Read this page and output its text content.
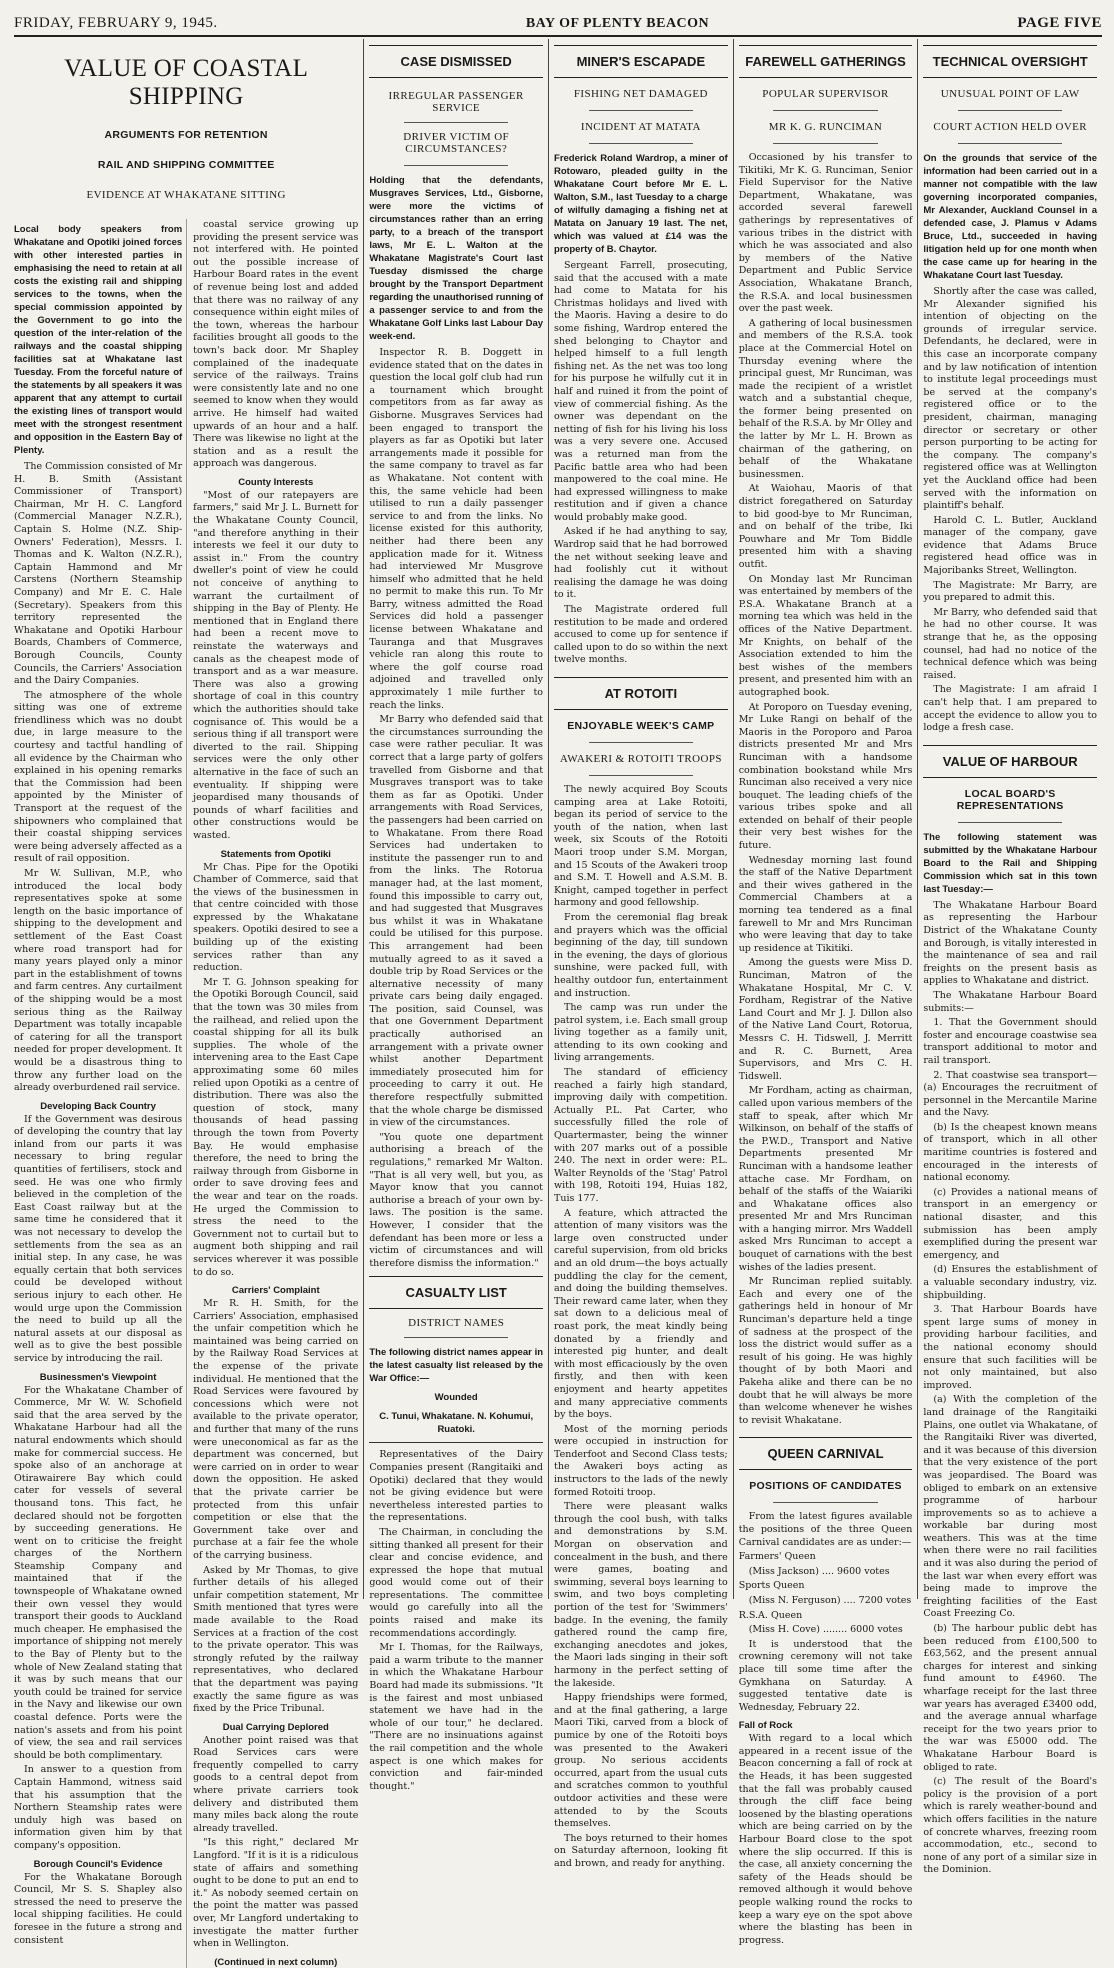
FRIDAY, FEBRUARY 9, 1945.	BAY OF PLENTY BEACON	PAGE FIVE
VALUE OF COASTAL SHIPPING
ARGUMENTS FOR RETENTION
RAIL AND SHIPPING COMMITTEE
EVIDENCE AT WHAKATANE SITTING
Local body speakers from Whakatane and Opotiki joined forces with other interested parties in emphasising the need to retain at all costs the existing rail and shipping services to the towns, when the special commission appointed by the Government to go into the question of the inter-relation of the railways and the coastal shipping facilities sat at Whakatane last Tuesday. From the forceful nature of the statements by all speakers it was apparent that any attempt to curtail the existing lines of transport would meet with the strongest resentment and opposition in the Eastern Bay of Plenty.

The Commission consisted of Mr H. B. Smith (Assistant Commissioner of Transport) Chairman, Mr H. C. Langford (Commercial Manager N.Z.R.), Captain S. Holme (N.Z. Ship-Owners' Federation), Messrs. I. Thomas and K. Walton (N.Z.R.), Captain Hammond and Mr Carstens (Northern Steamship Company) and Mr E. C. Hale (Secretary). Speakers from this territory represented the Whakatane and Opotiki Harbour Boards, Chambers of Commerce, Borough Councils, County Councils, the Carriers' Association and the Dairy Companies.

The atmosphere of the whole sitting was one of extreme friendliness which was no doubt due, in large measure to the courtesy and tactful handling of all evidence by the Chairman who explained in his opening remarks that the Commission had been appointed by the Minister of Transport at the request of the shipowners who complained that their coastal shipping services were being adversely affected as a result of rail opposition.

Mr W. Sullivan, M.P., who introduced the local body representatives spoke at some length on the basic importance of shipping to the development and settlement of the East Coast where road transport had for many years played only a minor part in the establishment of towns and farm centres. Any curtailment of the shipping would be a most serious thing as the Railway Department was totally incapable of catering for all the transport needed for proper development. It would be a disastrous thing to throw any further load on the already overburdened rail service.

Developing Back Country

If the Government was desirous of developing the country that lay inland from our parts it was necessary to bring regular quantities of fertilisers, stock and seed. He was one who firmly believed in the completion of the East Coast railway but at the same time he considered that it was not necessary to develop the settlements from the sea as an initial step. In any case, he was equally certain that both services could be developed without serious injury to each other. He would urge upon the Commission the need to build up all the natural assets at our disposal as well as to give the best possible service by introducing the rail.

Businessmen's Viewpoint

For the Whakatane Chamber of Commerce, Mr W. W. Schofield said that the area served by the Whakatane Harbour had all the natural endowments which should make for commercial success. He spoke also of an anchorage at Otirawairere Bay which could cater for vessels of several thousand tons. This fact, he declared should not be forgotten by succeeding generations. He went on to criticise the freight charges of the Northern Steamship Company and maintained that if the townspeople of Whakatane owned their own vessel they would transport their goods to Auckland much cheaper. He emphasised the importance of shipping not merely to the Bay of Plenty but to the whole of New Zealand stating that it was by such means that our youth could be trained for service in the Navy and likewise our own coastal defence. Ports were the nation's assets and from his point of view, the sea and rail services should be both complimentary.

In answer to a question from Captain Hammond, witness said that his assumption that the Northern Steamship rates were unduly high was based on information given him by that company's opposition.

Borough Council's Evidence

For the Whakatane Borough Council, Mr S. S. Shapley also stressed the need to preserve the local shipping facilities. He could foresee in the future a strong and consistent

coastal service growing up providing the present service was not interfered with. He pointed out the possible increase of Harbour Board rates in the event of revenue being lost and added that there was no railway of any consequence within eight miles of the town, whereas the harbour facilities brought all goods to the town's back door. Mr Shapley complained of the inadequate service of the railways. Trains were consistently late and no one seemed to know when they would arrive. He himself had waited upwards of an hour and a half. There was likewise no light at the station and as a result the approach was dangerous.

County Interests

"Most of our ratepayers are farmers," said Mr J. L. Burnett for the Whakatane County Council, "and therefore anything in their interests we feel it our duty to assist in." From the country dweller's point of view he could not conceive of anything to warrant the curtailment of shipping in the Bay of Plenty. He mentioned that in England there had been a recent move to reinstate the waterways and canals as the cheapest mode of transport and as a war measure. There was also a growing shortage of coal in this country which the authorities should take cognisance of. This would be a serious thing if all transport were diverted to the rail. Shipping services were the only other alternative in the face of such an eventuality. If shipping were jeopardised many thousands of pounds of wharf facilities and other constructions would be wasted.

Statements from Opotiki

Mr Chas. Pipe for the Opotiki Chamber of Commerce, said that the views of the businessmen in that centre coincided with those expressed by the Whakatane speakers. Opotiki desired to see a building up of the existing services rather than any reduction.

Mr T. G. Johnson speaking for the Opotiki Borough Council, said that the town was 30 miles from the railhead, and relied upon the coastal shipping for all its bulk supplies. The whole of the intervening area to the East Cape approximating some 60 miles relied upon Opotiki as a centre of distribution. There was also the question of stock, many thousands of head passing through the town from Poverty Bay. He would emphasise therefore, the need to bring the railway through from Gisborne in order to save droving fees and the wear and tear on the roads. He urged the Commission to stress the need to the Government not to curtail but to augment both shipping and rail services wherever it was possible to do so.

Carriers' Complaint

Mr R. H. Smith, for the Carriers' Association, emphasised the unfair competition which he maintained was being carried on by the Railway Road Services at the expense of the private individual. He mentioned that the Road Services were favoured by concessions which were not available to the private operator, and further that many of the runs were uneconomical as far as the department was concerned, but were carried on in order to wear down the opposition. He asked that the private carrier be protected from this unfair competition or else that the Government take over and purchase at a fair fee the whole of the carrying business.

Asked by Mr Thomas, to give further details of his alleged unfair competition statement, Mr Smith mentioned that tyres were made available to the Road Services at a fraction of the cost to the private operator. This was strongly refuted by the railway representatives, who declared that the department was paying exactly the same figure as was fixed by the Price Tribunal.

Dual Carrying Deplored

Another point raised was that Road Services cars were frequently compelled to carry goods to a central depot from where private carriers took delivery and distributed them many miles back along the route already travelled.

"Is this right," declared Mr Langford. "If it is it is a ridiculous state of affairs and something ought to be done to put an end to it." As nobody seemed certain on the point the matter was passed over, Mr Langford undertaking to investigate the matter further when in Wellington.

(Continued in next column)
CASE DISMISSED
IRREGULAR PASSENGER SERVICE
DRIVER VICTIM OF CIRCUMSTANCES?
Holding that the defendants, Musgraves Services, Ltd., Gisborne, were more the victims of circumstances rather than an erring party, to a breach of the transport laws, Mr E. L. Walton at the Whakatane Magistrate's Court last Tuesday dismissed the charge brought by the Transport Department regarding the unauthorised running of a passenger service to and from the Whakatane Golf Links last Labour Day week-end.

Inspector R. B. Doggett in evidence stated that on the dates in question the local golf club had run a tournament which brought competitors from as far away as Gisborne. Musgraves Services had been engaged to transport the players as far as Opotiki but later arrangements made it possible for the same company to travel as far as Whakatane. Not content with this, the same vehicle had been utilised to run a daily passenger service to and from the links. No license existed for this authority, neither had there been any application made for it. Witness had interviewed Mr Musgrove himself who admitted that he held no permit to make this run. To Mr Barry, witness admitted the Road Services did hold a passenger license between Whakatane and Tauranga and that Musgraves vehicle ran along this route to where the golf course road adjoined and travelled only approximately 1 mile further to reach the links.

Mr Barry who defended said that the circumstances surrounding the case were rather peculiar. It was correct that a large party of golfers travelled from Gisborne and that Musgraves transport was to take them as far as Opotiki. Under arrangements with Road Services, the passengers had been carried on to Whakatane. From there Road Services had undertaken to institute the passenger run to and from the links. The Rotorua manager had, at the last moment, found this impossible to carry out, and had suggested that Musgraves bus whilst it was in Whakatane could be utilised for this purpose. This arrangement had been mutually agreed to as it saved a double trip by Road Services or the alternative necessity of many private cars being daily engaged. The position, said Counsel, was that one Government Department practically authorised an arrangement with a private owner whilst another Department immediately prosecuted him for proceeding to carry it out. He therefore respectfully submitted that the whole charge be dismissed in view of the circumstances.

"You quote one department authorising a breach of the regulations," remarked Mr Walton. "That is all very well, but you, as Mayor know that you cannot authorise a breach of your own by-laws. The position is the same. However, I consider that the defendant has been more or less a victim of circumstances and will therefore dismiss the information."

CASUALTY LIST
DISTRICT NAMES
The following district names appear in the latest casualty list released by the War Office:—
Wounded
C. Tunui, Whakatane. N. Kohumui, Ruatoki.

Representatives of the Dairy Companies present (Rangitaiki and Opotiki) declared that they would not be giving evidence but were nevertheless interested parties to the representations.

The Chairman, in concluding the sitting thanked all present for their clear and concise evidence, and expressed the hope that mutual good would come out of their representations. The committee would go carefully into all the points raised and make its recommendations accordingly.

Mr I. Thomas, for the Railways, paid a warm tribute to the manner in which the Whakatane Harbour Board had made its submissions. "It is the fairest and most unbiased statement we have had in the whole of our tour," he declared. "There are no insinuations against the rail competition and the whole aspect is one which makes for conviction and fair-minded thought."

MINER'S ESCAPADE
FISHING NET DAMAGED
INCIDENT AT MATATA
Frederick Roland Wardrop, a miner of Rotowaro, pleaded guilty in the Whakatane Court before Mr E. L. Walton, S.M., last Tuesday to a charge of wilfully damaging a fishing net at Matata on January 19 last. The net, which was valued at £14 was the property of B. Chaytor.

Sergeant Farrell, prosecuting, said that the accused with a mate had come to Matata for his Christmas holidays and lived with the Maoris. Having a desire to do some fishing, Wardrop entered the shed belonging to Chaytor and helped himself to a full length fishing net. As the net was too long for his purpose he wilfully cut it in half and ruined it from the point of view of commercial fishing. As the owner was dependant on the netting of fish for his living his loss was a very severe one. Accused was a returned man from the Pacific battle area who had been manpowered to the coal mine. He had expressed willingness to make restitution and if given a chance would probably make good.

Asked if he had anything to say, Wardrop said that he had borrowed the net without seeking leave and had foolishly cut it without realising the damage he was doing to it.

The Magistrate ordered full restitution to be made and ordered accused to come up for sentence if called upon to do so within the next twelve months.

AT ROTOITI
ENJOYABLE WEEK'S CAMP
AWAKERI & ROTOITI TROOPS

The newly acquired Boy Scouts camping area at Lake Rotoiti, began its period of service to the youth of the nation, when last week, six Scouts of the Rotoiti Maori troop under S.M. Morgan, and 15 Scouts of the Awakeri troop and S.M. T. Howell and A.S.M. B. Knight, camped together in perfect harmony and good fellowship.

From the ceremonial flag break and prayers which was the official beginning of the day, till sundown in the evening, the days of glorious sunshine, were packed full, with healthy outdoor fun, entertainment and instruction.

The camp was run under the patrol system, i.e. Each small group living together as a family unit, attending to its own cooking and living arrangements.

The standard of efficiency reached a fairly high standard, improving daily with competition. Actually P.L. Pat Carter, who successfully filled the role of Quartermaster, being the winner with 207 marks out of a possible 240. The next in order were: P.L. Walter Reynolds of the 'Stag' Patrol with 198, Rotoiti 194, Huias 182, Tuis 177.

A feature, which attracted the attention of many visitors was the large oven constructed under careful supervision, from old bricks and an old drum—the boys actually puddling the clay for the cement, and doing the building themselves. Their reward came later, when they sat down to a delicious meal of roast pork, the meat kindly being donated by a friendly and interested pig hunter, and dealt with most efficaciously by the oven firstly, and then with keen enjoyment and hearty appetites and many appreciative comments by the boys.

Most of the morning periods were occupied in instruction for Tenderfoot and Second Class tests; the Awakeri boys acting as instructors to the lads of the newly formed Rotoiti troop.

There were pleasant walks through the cool bush, with talks and demonstrations by S.M. Morgan on observation and concealment in the bush, and there were games, boating and swimming, several boys learning to swim, and two boys completing portion of the test for 'Swimmers' badge. In the evening, the family gathered round the camp fire, exchanging anecdotes and jokes, the Maori lads singing in their soft harmony in the perfect setting of the lakeside.

Happy friendships were formed, and at the final gathering, a large Maori Tiki, carved from a block of pumice by one of the Rotoiti boys was presented to the Awakeri group. No serious accidents occurred, apart from the usual cuts and scratches common to youthful outdoor activities and these were attended to by the Scouts themselves.

The boys returned to their homes on Saturday afternoon, looking fit and brown, and ready for anything.

FAREWELL GATHERINGS
POPULAR SUPERVISOR
MR K. G. RUNCIMAN

Occasioned by his transfer to Tikitiki, Mr K. G. Runciman, Senior Field Supervisor for the Native Department, Whakatane, was accorded several farewell gatherings by representatives of various tribes in the district with which he was associated and also by members of the Native Department and Public Service Association, Whakatane Branch, the R.S.A. and local businessmen over the past week.

A gathering of local businessmen and members of the R.S.A. took place at the Commercial Hotel on Thursday evening where the principal guest, Mr Runciman, was made the recipient of a wristlet watch and a substantial cheque, the former being presented on behalf of the R.S.A. by Mr Olley and the latter by Mr L. H. Brown as chairman of the gathering, on behalf of the Whakatane businessmen.

At Waiohau, Maoris of that district foregathered on Saturday to bid good-bye to Mr Runciman, and on behalf of the tribe, Iki Pouwhare and Mr Tom Biddle presented him with a shaving outfit.

On Monday last Mr Runciman was entertained by members of the P.S.A. Whakatane Branch at a morning tea which was held in the offices of the Native Department. Mr Knights, on behalf of the Association extended to him the best wishes of the members present, and presented him with an autographed book.

At Poroporo on Tuesday evening, Mr Luke Rangi on behalf of the Maoris in the Poroporo and Paroa districts presented Mr and Mrs Runciman with a handsome combination bookstand while Mrs Runciman also received a very nice bouquet. The leading chiefs of the various tribes spoke and all extended on behalf of their people their very best wishes for the future.

Wednesday morning last found the staff of the Native Department and their wives gathered in the Commercial Chambers at a morning tea tendered as a final farewell to Mr and Mrs Runciman who were leaving that day to take up residence at Tikitiki.

Among the guests were Miss D. Runciman, Matron of the Whakatane Hospital, Mr C. V. Fordham, Registrar of the Native Land Court and Mr J. J. Dillon also of the Native Land Court, Rotorua, Messrs C. H. Tidswell, J. Merritt and R. C. Burnett, Area Supervisors, and Mrs C. H. Tidswell.

Mr Fordham, acting as chairman, called upon various members of the staff to speak, after which Mr Wilkinson, on behalf of the staffs of the P.W.D., Transport and Native Departments presented Mr Runciman with a handsome leather attache case. Mr Fordham, on behalf of the staffs of the Waiariki and Whakatane offices also presented Mr and Mrs Runciman with a hanging mirror. Mrs Waddell asked Mrs Runciman to accept a bouquet of carnations with the best wishes of the ladies present.

Mr Runciman replied suitably. Each and every one of the gatherings held in honour of Mr Runciman's departure held a tinge of sadness at the prospect of the loss the district would suffer as a result of his going. He was highly thought of by both Maori and Pakeha alike and there can be no doubt that he will always be more than welcome whenever he wishes to revisit Whakatane.

QUEEN CARNIVAL
POSITIONS OF CANDIDATES

From the latest figures available the positions of the three Queen Carnival candidates are as under:—

Farmers' Queen

(Miss Jackson) .... 9600 votes

Sports Queen

(Miss N. Ferguson) .... 7200 votes

R.S.A. Queen

(Miss H. Cove) ........ 6000 votes

It is understood that the crowning ceremony will not take place till some time after the Gymkhana on Saturday. A suggested tentative date is Wednesday, February 22.

Fall of Rock

With regard to a local which appeared in a recent issue of the Beacon concerning a fall of rock at the Heads, it has been suggested that the fall was probably caused through the cliff face being loosened by the blasting operations which are being carried on by the Harbour Board close to the spot where the slip occurred. If this is the case, all anxiety concerning the safety of the Heads should be removed although it would behove people walking round the rocks to keep a wary eye on the spot above where the blasting has been in progress.

TECHNICAL OVERSIGHT
UNUSUAL POINT OF LAW
COURT ACTION HELD OVER
On the grounds that service of the information had been carried out in a manner not compatible with the law governing incorporated companies, Mr Alexander, Auckland Counsel in a defended case, J. Plamus v Adams Bruce, Ltd., succeeded in having litigation held up for one month when the case came up for hearing in the Whakatane Court last Tuesday.

Shortly after the case was called, Mr Alexander signified his intention of objecting on the grounds of irregular service. Defendants, he declared, were in this case an incorporate company and by law notification of intention to institute legal proceedings must be served at the company's registered office or to the president, chairman, managing director or secretary or other person purporting to be acting for the company. The company's registered office was at Wellington yet the Auckland office had been served with the information on plaintiff's behalf.

Harold C. L. Butler, Auckland manager of the company, gave evidence that Adams Bruce registered head office was in Majoribanks Street, Wellington.

The Magistrate: Mr Barry, are you prepared to admit this.

Mr Barry, who defended said that he had no other course. It was strange that he, as the opposing counsel, had had no notice of the technical defence which was being raised.

The Magistrate: I am afraid I can't help that. I am prepared to accept the evidence to allow you to lodge a fresh case.

VALUE OF HARBOUR
LOCAL BOARD'S REPRESENTATIONS
The following statement was submitted by the Whakatane Harbour Board to the Rail and Shipping Commission which sat in this town last Tuesday:—

The Whakatane Harbour Board as representing the Harbour District of the Whakatane County and Borough, is vitally interested in the maintenance of sea and rail freights on the present basis as applies to Whakatane and district.

The Whakatane Harbour Board submits:—

1. That the Government should foster and encourage coastwise sea transport additional to motor and rail transport.

2. That coastwise sea transport—(a) Encourages the recruitment of personnel in the Mercantile Marine and the Navy.

(b) Is the cheapest known means of transport, which in all other maritime countries is fostered and encouraged in the interests of national economy.

(c) Provides a national means of transport in an emergency or national disaster, and this submission has been amply exemplified during the present war emergency, and

(d) Ensures the establishment of a valuable secondary industry, viz. shipbuilding.

3. That Harbour Boards have spent large sums of money in providing harbour facilities, and the national economy should ensure that such facilities will be not only maintained, but also improved.

(a) With the completion of the land drainage of the Rangitaiki Plains, one outlet via Whakatane, of the Rangitaiki River was diverted, and it was because of this diversion that the very existence of the port was jeopardised. The Board was obliged to embark on an extensive programme of harbour improvements so as to achieve a workable bar during most weathers. This was at the time when there were no rail facilities and it was also during the period of the last war when every effort was being made to improve the freighting facilities of the East Coast Freezing Co.

(b) The harbour public debt has been reduced from £100,500 to £63,562, and the present annual charges for interest and sinking fund amount to £4960. The wharfage receipt for the last three war years has averaged £3400 odd, and the average annual wharfage receipt for the two years prior to the war was £5000 odd. The Whakatane Harbour Board is obliged to rate.

(c) The result of the Board's policy is the provision of a port which is rarely weather-bound and which offers facilities in the nature of concrete wharves, freezing room accommodation, etc., second to none of any port of a similar size in the Dominion.
